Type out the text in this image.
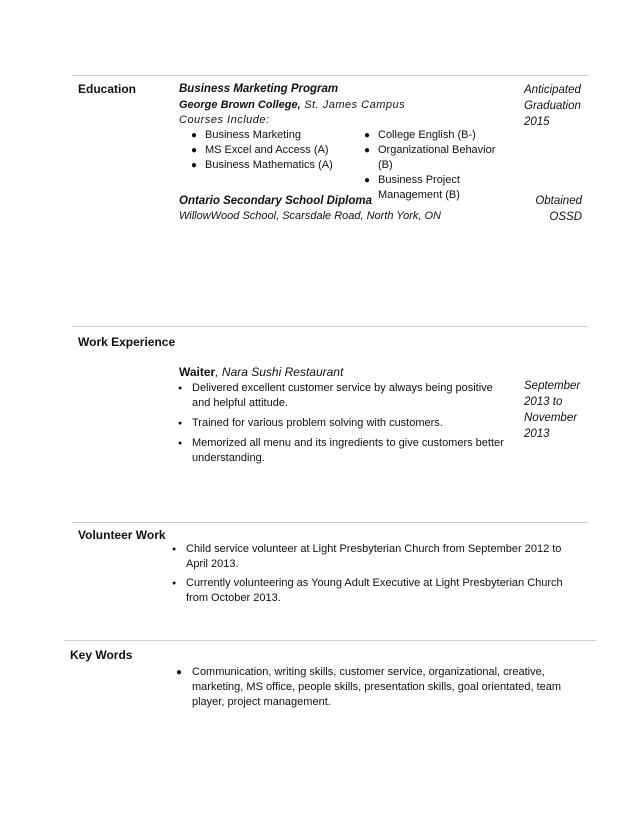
Education	Business Marketing Program
George Brown College, St. James Campus
Courses Include:
● Business Marketing
● MS Excel and Access (A)
● Business Mathematics (A)
● College English (B-)
● Organizational Behavior (B)
● Business Project Management (B)
Anticipated
Graduation
2015
Ontario Secondary School Diploma
WillowWood School, Scarsdale Road, North York, ON
Obtained
OSSD
Work Experience
Waiter, Nara Sushi Restaurant
● Delivered excellent customer service by always being positive and helpful attitude.
● Trained for various problem solving with customers.
● Memorized all menu and its ingredients to give customers better understanding.
September
2013 to
November
2013
Volunteer Work
● Child service volunteer at Light Presbyterian Church from September 2012 to April 2013.
● Currently volunteering as Young Adult Executive at Light Presbyterian Church from October 2013.
Key Words
● Communication, writing skills, customer service, organizational, creative, marketing, MS office, people skills, presentation skills, goal orientated, team player, project management.
